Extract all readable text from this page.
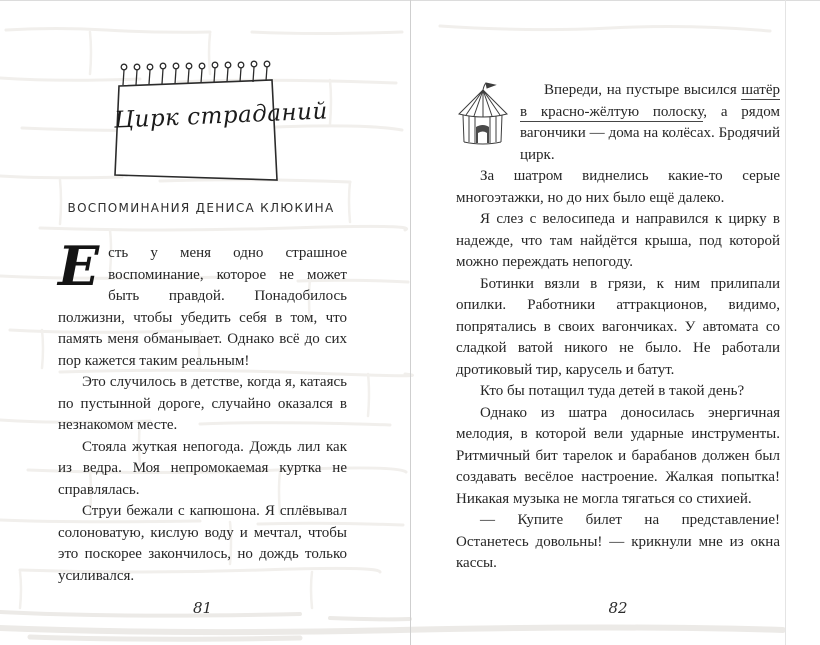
Цирк страданий
ВОСПОМИНАНИЯ ДЕНИСА КЛЮКИНА

Есть у меня одно страшное воспоминание, которое не может быть правдой. Понадобилось полжизни, чтобы убедить себя в том, что память меня обманывает. Однако всё до сих пор кажется таким реальным!

Это случилось в детстве, когда я, катаясь по пустынной дороге, случайно оказался в незнакомом месте.

Стояла жуткая непогода. Дождь лил как из ведра. Моя непромокаемая куртка не справлялась.

Струи бежали с капюшона. Я сплёвывал солоноватую, кислую воду и мечтал, чтобы это поскорее закончилось, но дождь только усиливался.

81

Впереди, на пустыре высился шатёр в красно-жёлтую полоску, а рядом вагончики — дома на колёсах. Бродячий цирк.

За шатром виднелись какие-то серые многоэтажки, но до них было ещё далеко.

Я слез с велосипеда и направился к цирку в надежде, что там найдётся крыша, под которой можно переждать непогоду.

Ботинки вязли в грязи, к ним прилипали опилки. Работники аттракционов, видимо, попрятались в своих вагончиках. У автомата со сладкой ватой никого не было. Не работали дротиковый тир, карусель и батут.

Кто бы потащил туда детей в такой день?

Однако из шатра доносилась энергичная мелодия, в которой вели ударные инструменты. Ритмичный бит тарелок и барабанов должен был создавать весёлое настроение. Жалкая попытка! Никакая музыка не могла тягаться со стихией.

— Купите билет на представление! Останетесь довольны! — крикнули мне из окна кассы.

82
